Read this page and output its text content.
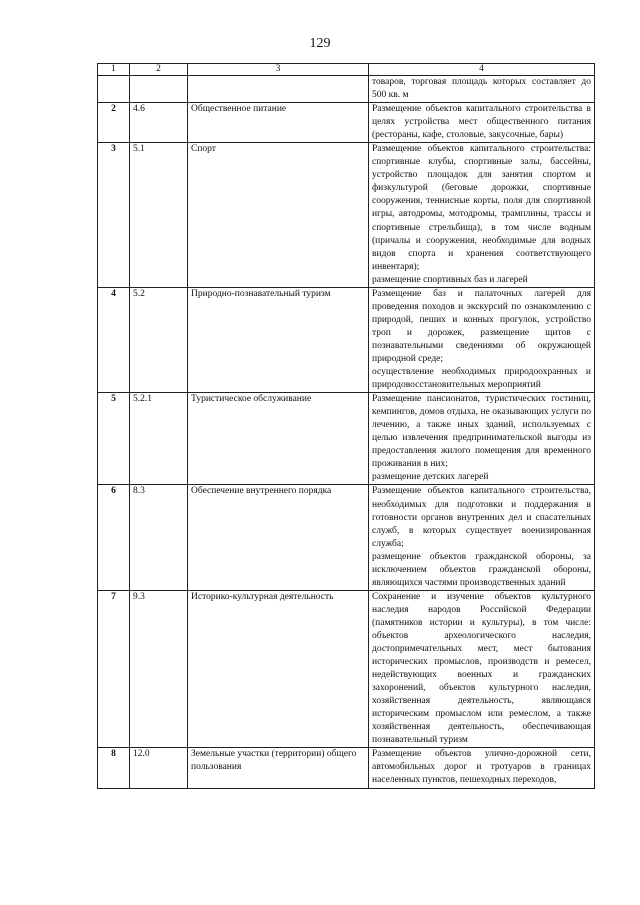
129
1	2	3	4
			товаров, торговая площадь которых составляет до 500 кв. м
2	4.6	Общественное питание	Размещение объектов капитального строительства в целях устройства мест общественного питания (рестораны, кафе, столовые, закусочные, бары)
3	5.1	Спорт	Размещение объектов капитального строительства: спортивные клубы, спортивные залы, бассейны, устройство площадок для занятия спортом и физкультурой (беговые дорожки, спортивные сооружения, теннисные корты, поля для спортивной игры, автодромы, мотодромы, трамплины, трассы и спортивные стрельбища), в том числе водным (причалы и сооружения, необходимые для водных видов спорта и хранения соответствующего инвентаря);
размещение спортивных баз и лагерей

4	5.2	Природно-познавательный туризм	Размещение баз и палаточных лагерей для проведения походов и экскурсий по ознакомлению с природой, пеших и конных прогулок, устройство троп и дорожек, размещение щитов с познавательными сведениями об окружающей природной среде;
осуществление необходимых природоохранных и природовосстановительных мероприятий

5	5.2.1	Туристическое обслуживание	Размещение пансионатов, туристических гостиниц, кемпингов, домов отдыха, не оказывающих услуги по лечению, а также иных зданий, используемых с целью извлечения предпринимательской выгоды из предоставления жилого помещения для временного проживания в них;
размещение детских лагерей

6	8.3	Обеспечение внутреннего порядка	Размещение объектов капитального строительства, необходимых для подготовки и поддержания в готовности органов внутренних дел и спасательных служб, в которых существует военизированная служба;
размещение объектов гражданской обороны, за исключением объектов гражданской обороны, являющихся частями производственных зданий

7	9.3	Историко-культурная деятельность	Сохранение и изучение объектов культурного наследия народов Российской Федерации (памятников истории и культуры), в том числе: объектов археологического наследия, достопримечательных мест, мест бытования исторических промыслов, производств и ремесел, недействующих военных и гражданских захоронений, объектов культурного наследия, хозяйственная деятельность, являющаяся историческим промыслом или ремеслом, а также хозяйственная деятельность, обеспечивающая познавательный туризм
8	12.0	Земельные участки (территории) общего пользования	Размещение объектов улично-дорожной сети, автомобильных дорог и тротуаров в границах населенных пунктов, пешеходных переходов,
